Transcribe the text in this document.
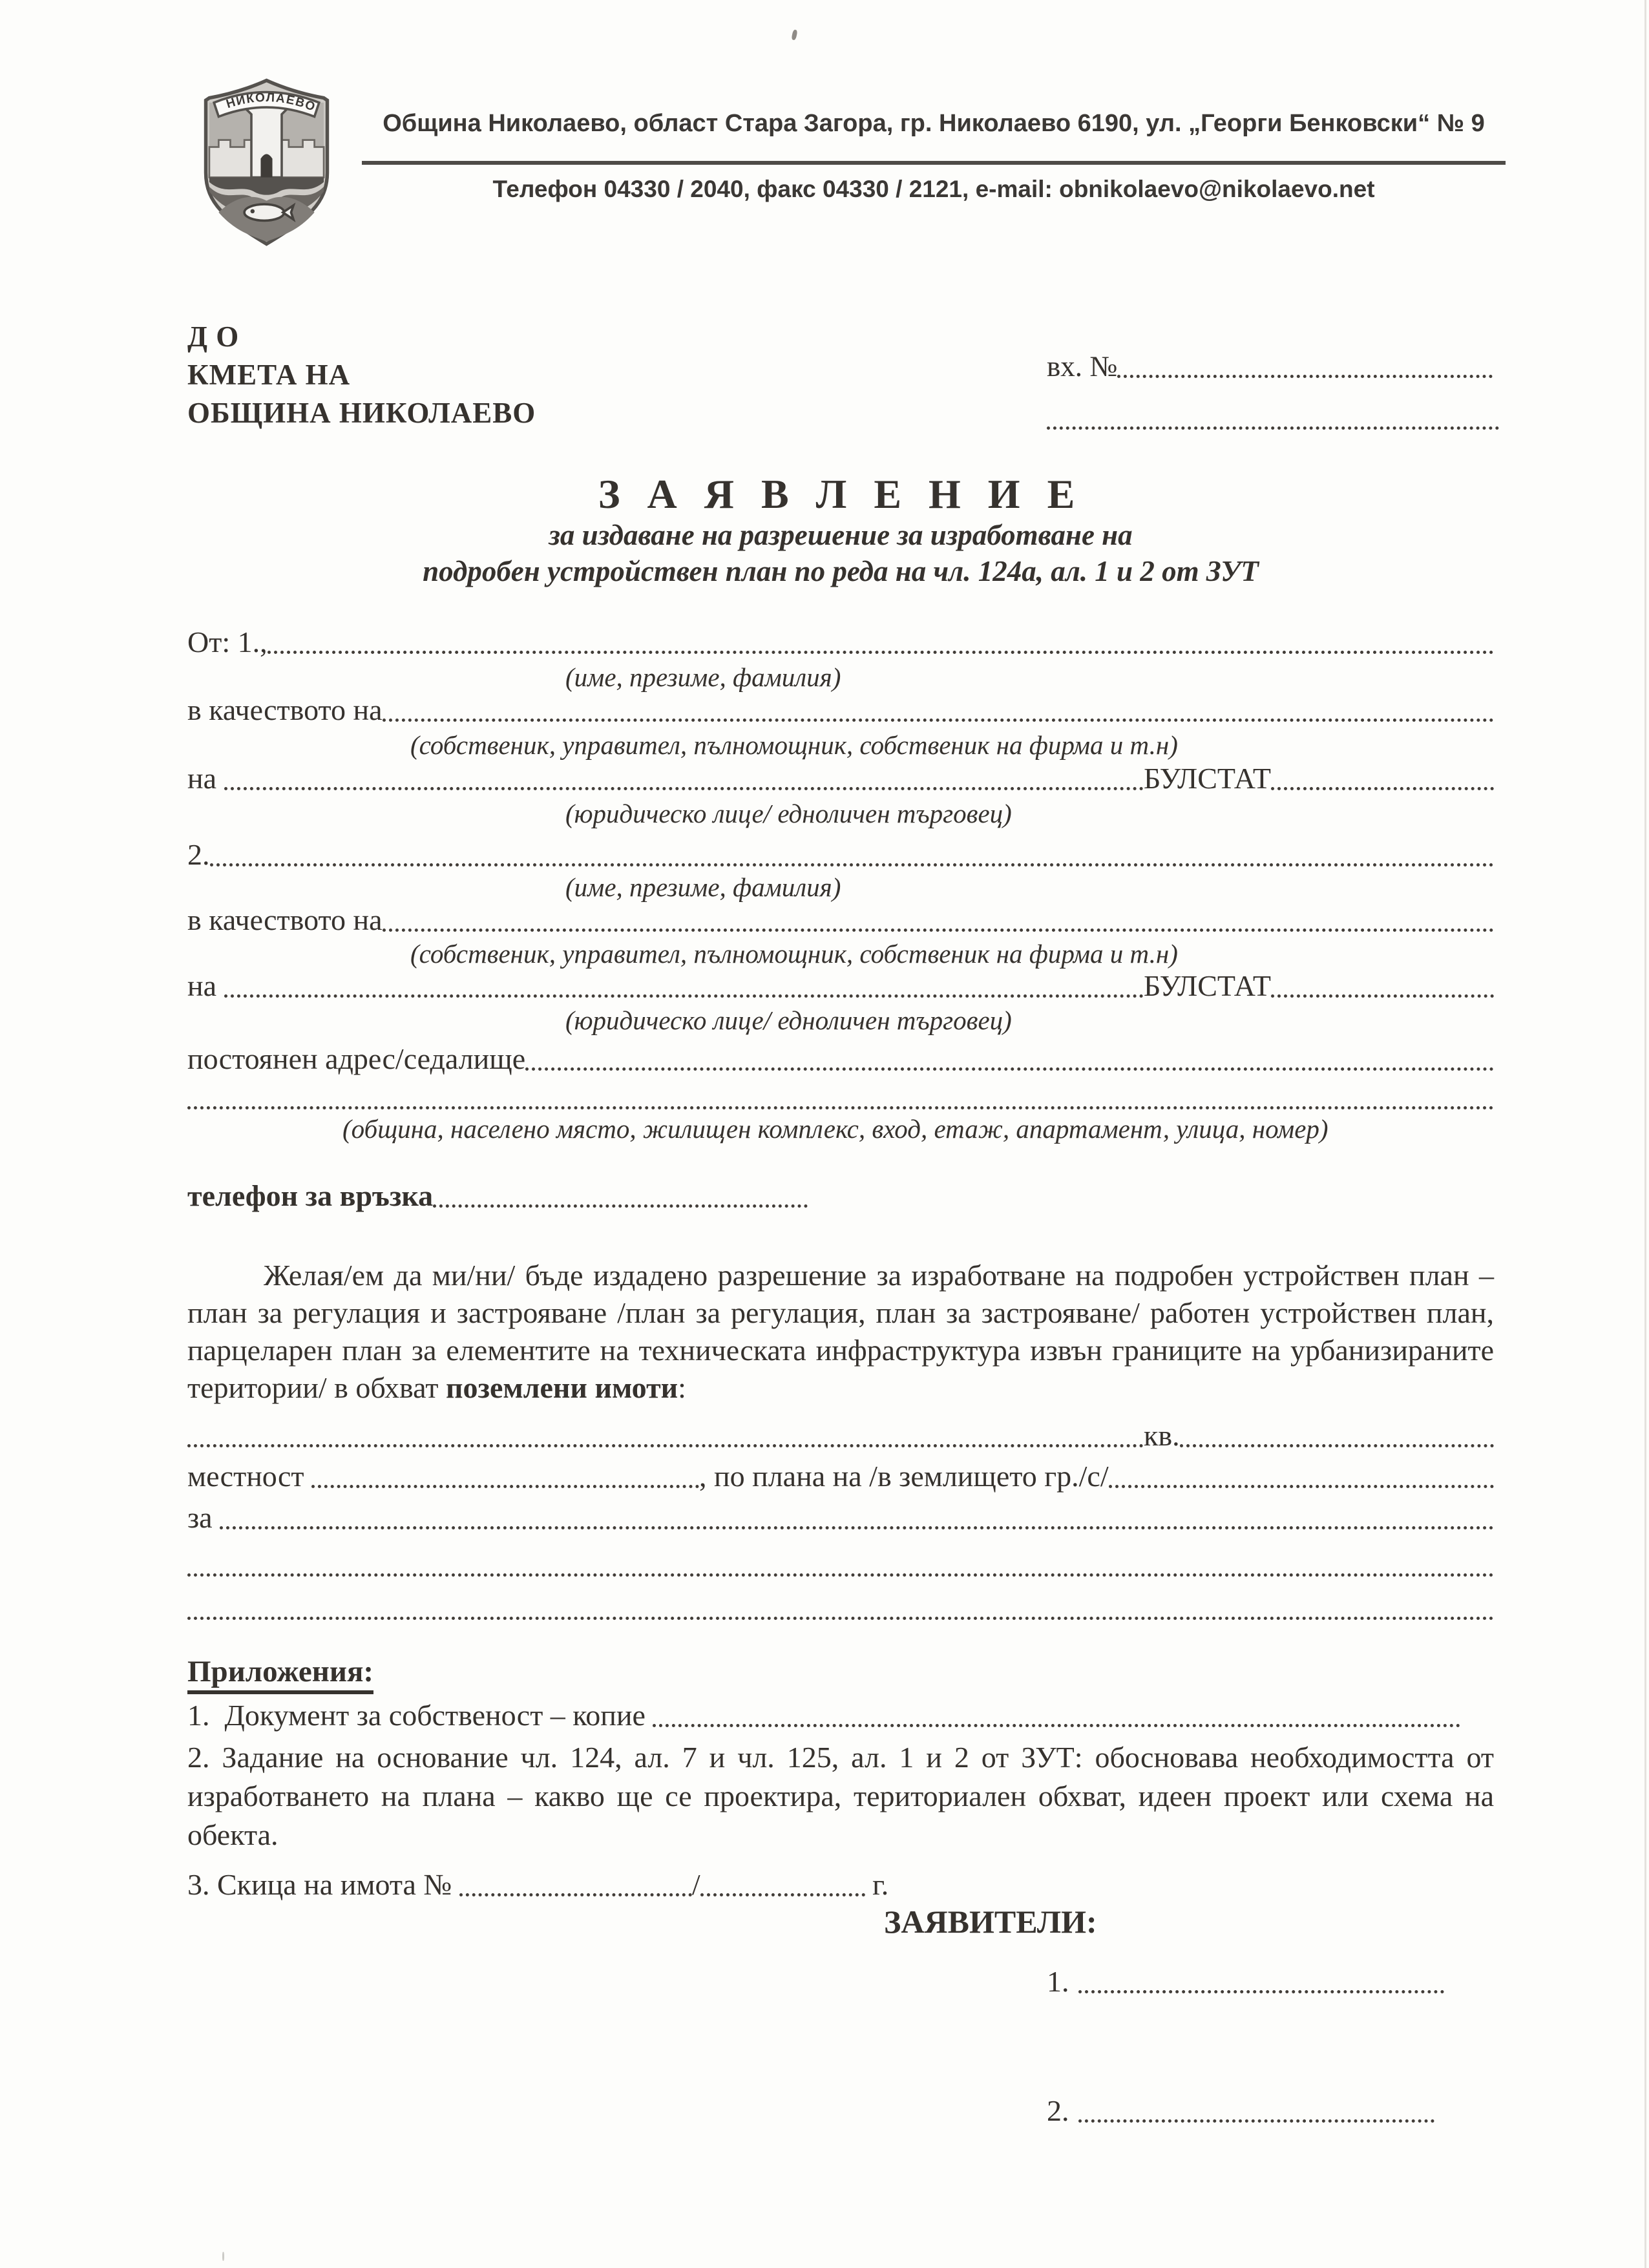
НИКОЛАЕВО
Община Николаево, област Стара Загора, гр. Николаево 6190, ул. „Георги Бенковски“ № 9
Телефон 04330 / 2040, факс 04330 / 2121, e-mail: obnikolaevo@nikolaevo.net
Д О
КМЕТА НА
ОБЩИНА НИКОЛАЕВО
вх. №
З А Я В Л Е Н И Е
за издаване на разрешение за изработване на
подробен устройствен план по реда на чл. 124а, ал. 1 и 2 от ЗУТ
От: 1.,
(име, презиме, фамилия)
в качеството на
(собственик, управител, пълномощник, собственик на фирма и т.н)
на	БУЛСТАТ
(юридическо лице/ едноличен търговец)
2.
(име, презиме, фамилия)
в качеството на
(собственик, управител, пълномощник, собственик на фирма и т.н)
на	БУЛСТАТ
(юридическо лице/ едноличен търговец)
постоянен адрес/седалище
(община, населено място, жилищен комплекс, вход, етаж, апартамент, улица, номер)
телефон за връзка
Желая/ем да ми/ни/ бъде издадено разрешение за изработване на подробен устройствен план – план за регулация и застрояване /план за регулация, план за застрояване/ работен устройствен план, парцеларен план за елементите на техническата инфраструктура извън границите на урбанизираните територии/ в обхват поземлени имоти:
кв.
местност	, по плана на /в землището гр./с/
за
Приложения:
1.  Документ за собственост – копие
2. Задание на основание чл. 124, ал. 7 и чл. 125, ал. 1 и 2 от ЗУТ: обосновава необходимостта от изработването на плана – какво ще се проектира, териториален обхват, идеен проект или схема на обекта.
3. Скица на имота №	/	г.
ЗАЯВИТЕЛИ:
1.
2.
